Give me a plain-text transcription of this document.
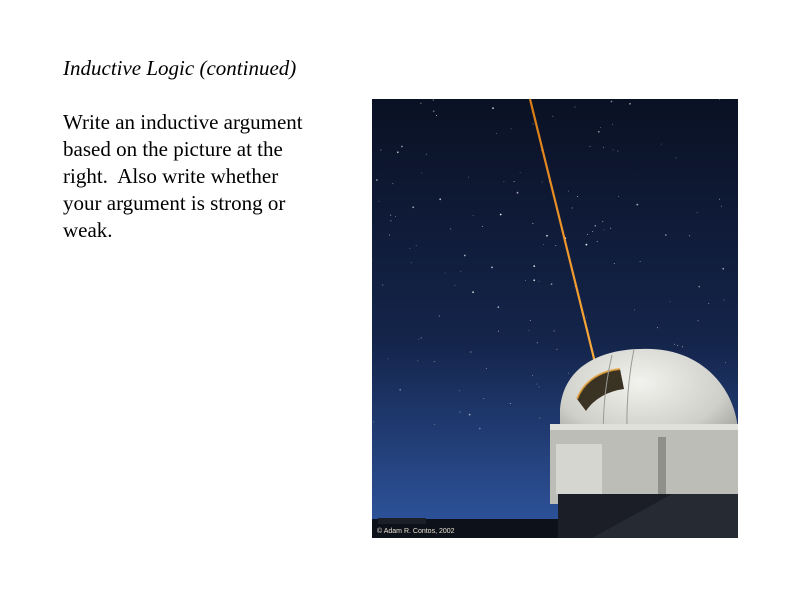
Inductive Logic (continued)
Write an inductive argument
based on the picture at the
right.  Also write whether
your argument is strong or
weak.
© Adam R. Contos, 2002
